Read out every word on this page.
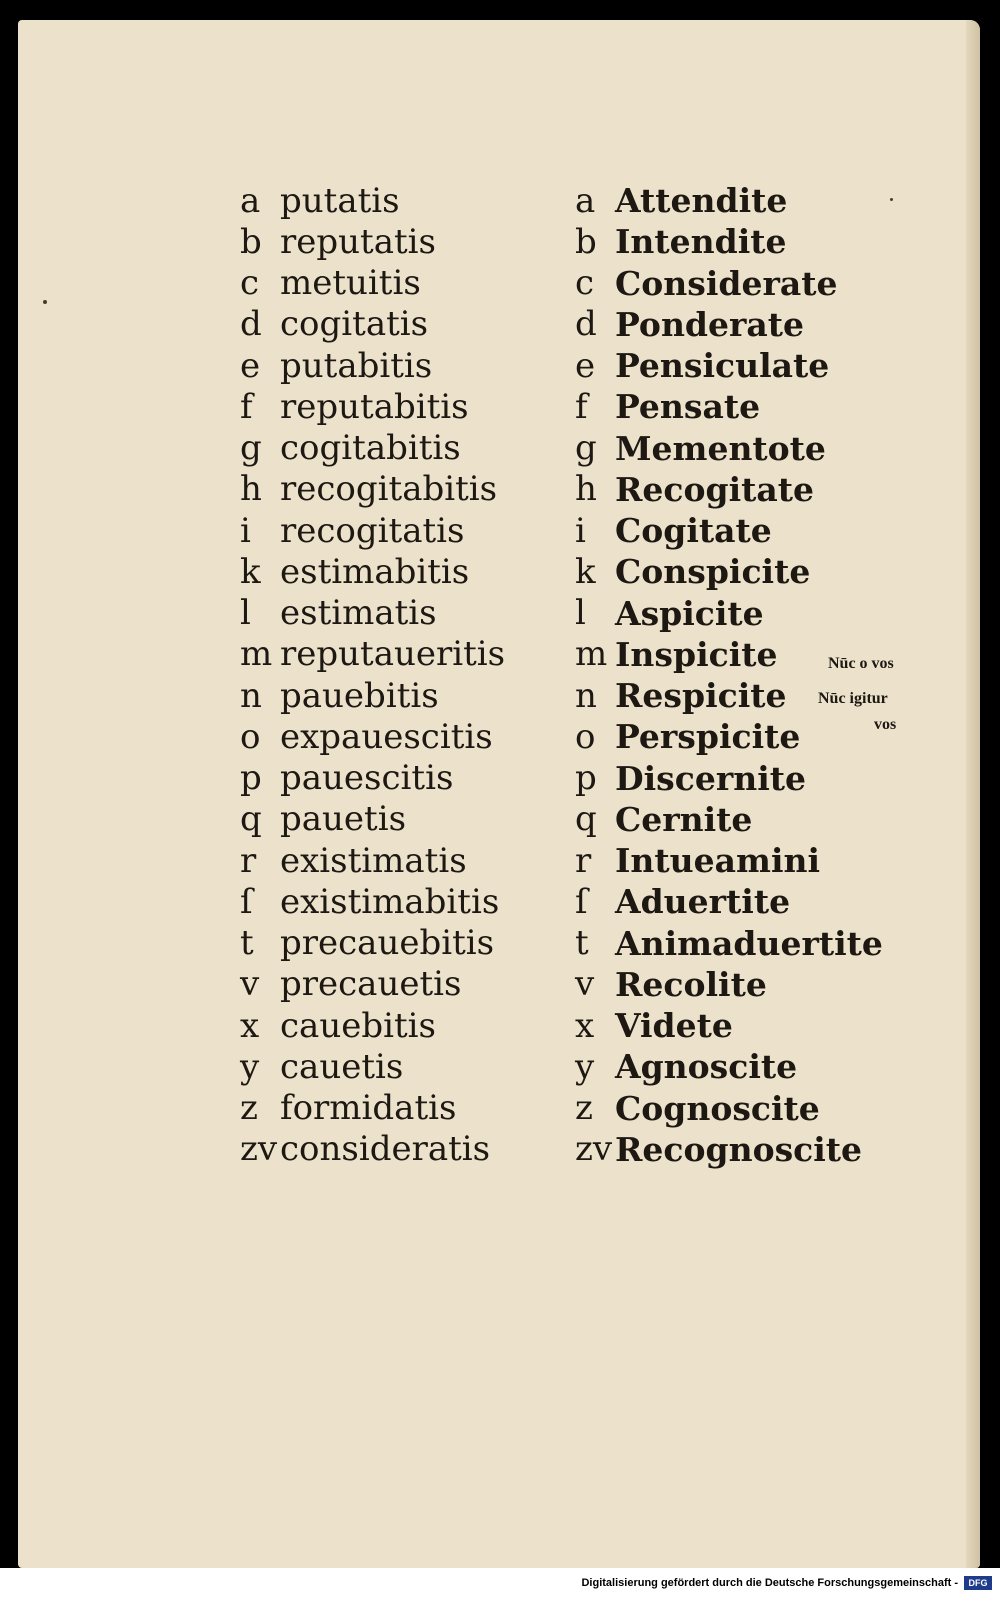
a putatis
b reputatis
c metuitis
d cogitatis
e putabitis
f reputabitis
g cogitabitis
h recogitabitis
i recogitatis
k estimabitis
l estimatis
m reputaueritis
n pauebitis
o expauescitis
p pauescitis
q pauetis
r existimatis
ſ existimabitis
t precauebitis
v precauetis
x cauebitis
y cauetis
z formidatis
zv consideratis
a Attendite
b Intendite
c Considerate
d Ponderate
e Pensiculate
f Pensate
g Mementote
h Recogitate
i Cogitate
k Conspicite
l Aspicite
m Inspicite
n Respicite
o Perspicite
p Discernite
q Cernite
r Intueamini
ſ Aduertite
t Animaduertite
v Recolite
x Videte
y Agnoscite
z Cognoscite
zv Recognoscite
Nūc o vos
Nūc igitur
vos
Digitalisierung gefördert durch die Deutsche Forschungsgemeinschaft -	DFG
